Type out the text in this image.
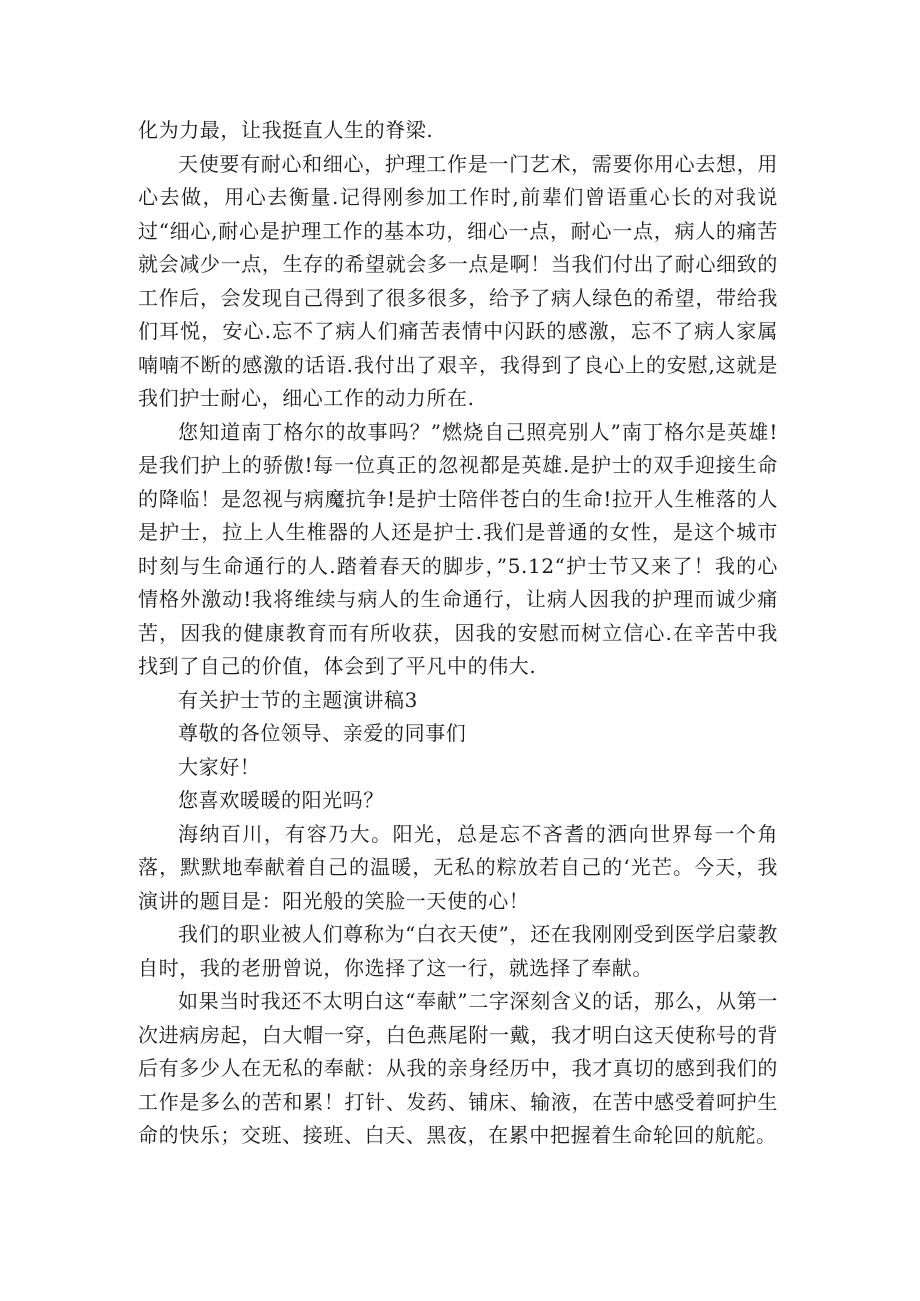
化为力最，让我挺直人生的脊梁.

天使要有耐心和细心，护理工作是一门艺术，需要你用心去想，用心去做，用心去衡量.记得刚参加工作时,前辈们曾语重心长的对我说过“细心,耐心是护理工作的基本功，细心一点，耐心一点，病人的痛苦就会减少一点，生存的希望就会多一点是啊！当我们付出了耐心细致的工作后，会发现自己得到了很多很多，给予了病人绿色的希望，带给我们耳悦，安心.忘不了病人们痛苦表情中闪跃的感激，忘不了病人家属喃喃不断的感激的话语.我付出了艰辛，我得到了良心上的安慰,这就是我们护士耐心，细心工作的动力所在.

您知道南丁格尔的故事吗？”燃烧自己照亮别人”南丁格尔是英雄!是我们护上的骄傲!每一位真正的忽视都是英雄.是护士的双手迎接生命的降临！是忽视与病魔抗争!是护士陪伴苍白的生命!拉开人生椎落的人是护士，拉上人生椎器的人还是护士.我们是普通的女性，是这个城市时刻与生命通行的人.踏着春天的脚步，”5.12“护士节又来了！我的心情格外激动!我将维续与病人的生命通行，让病人因我的护理而诚少痛苦，因我的健康教育而有所收获，因我的安慰而树立信心.在辛苦中我找到了自己的价值，体会到了平凡中的伟大.

有关护士节的主题演讲稿3

尊敬的各位领导、亲爱的同事们

大家好！

您喜欢暖暖的阳光吗？

海纳百川，有容乃大。阳光，总是忘不吝耆的洒向世界每一个角落，默默地奉献着自己的温暖，无私的粽放若自己的‘光芒。今天，我演讲的题目是：阳光般的笑脸一天使的心！

我们的职业被人们尊称为“白衣天使”，还在我刚刚受到医学启蒙教自时，我的老册曾说，你选择了这一行，就选择了奉献。

如果当时我还不太明白这“奉献”二字深刻含义的话，那么，从第一次进病房起，白大帽一穿，白色燕尾附一戴，我才明白这天使称号的背后有多少人在无私的奉献：从我的亲身经历中，我才真切的感到我们的工作是多么的苦和累！打针、发药、铺床、输液，在苦中感受着呵护生命的快乐；交班、接班、白天、黑夜，在累中把握着生命轮回的航舵。
